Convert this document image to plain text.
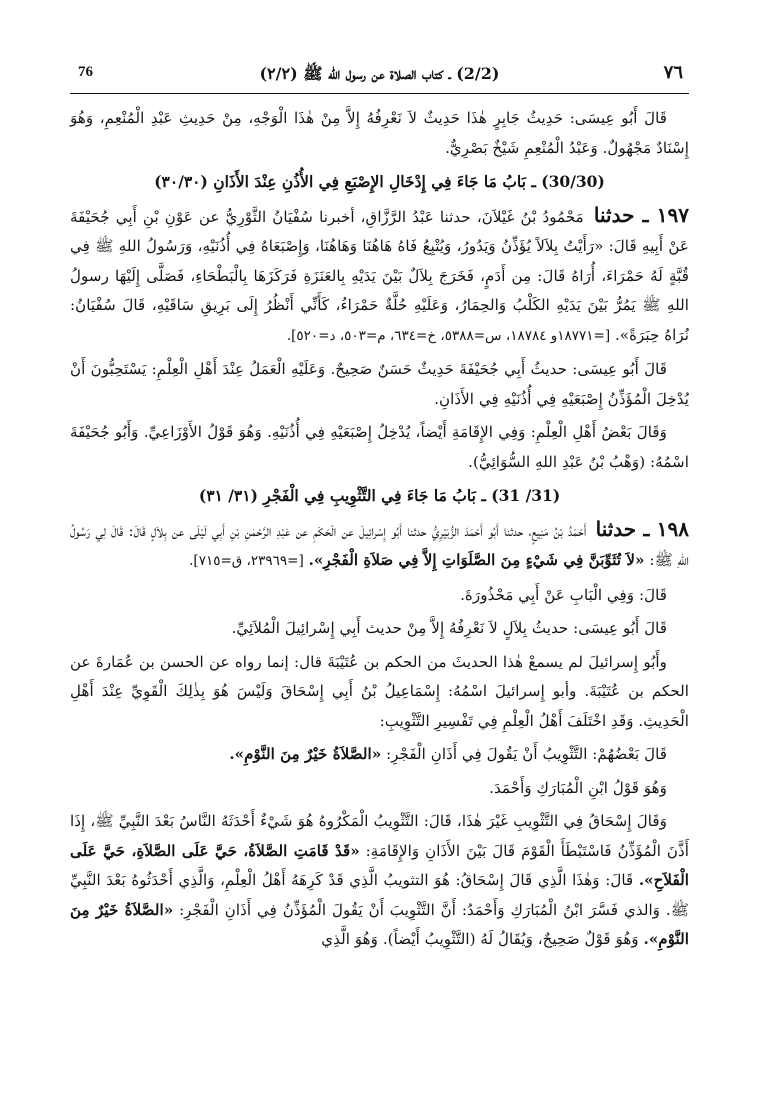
76	(2/2) ـ كتاب الصلاة عن رسول الله ﷺ (٢/٢)	٧٦

قَالَ أَبُو عِيسَى: حَدِيثُ جَابِرٍ هٰذَا حَدِيثٌ لاَ نَعْرِفُهُ إِلاَّ مِنْ هٰذَا الْوَجْهِ، مِنْ حَدِيثِ عَبْدِ الْمُنْعِمِ، وَهُوَ إِسْنَادٌ مَجْهُولٌ. وَعَبْدُ الْمُنْعِمِ شَيْخٌ بَصْرِيٌّ.

(30/30) ـ بَابُ مَا جَاءَ فِي إِدْخَالِ الإِصْبَعِ فِي الأُذُنِ عِنْدَ الأَذَانِ (٣٠/٣٠)

١٩٧ ـ حدثنا مَحْمُودُ بْنُ غَيْلاَنَ، حدثنا عَبْدُ الرَّزَّاقِ، أخبرنا سُفْيَانُ الثَّوْرِيُّ عن عَوْنِ بْنِ أَبِي جُحَيْفَةَ عَنْ أَبِيهِ قَالَ: «رَأَيْتُ بِلاَلاً يُؤَذِّنُ وَيَدُورُ، وَيُتْبِعُ فَاهُ هَاهُنَا وَهَاهُنَا، وَإِصْبَعَاهُ فِي أُذُنَيْهِ، وَرَسُولُ اللهِ ﷺ فِي قُبَّةٍ لَهُ حَمْرَاءَ، أُرَاهُ قَالَ: مِن أَدَمٍ، فَخَرَجَ بِلاَلٌ بَيْنَ يَدَيْهِ بِالعَنَزَةِ فَرَكَزَهَا بِالْبَطْحَاءِ، فَصَلَّى إِلَيْهَا رسولُ اللهِ ﷺ يَمُرُّ بَيْنَ يَدَيْهِ الكَلْبُ وَالحِمَارُ، وَعَلَيْهِ حُلَّةٌ حَمْرَاءُ، كَأَنِّي أَنْظُرُ إِلَى بَرِيقِ سَاقَيْهِ، قَالَ سُفْيَانُ: نُرَاهُ حِبَرَةً». [=١٨٧٧١و ١٨٧٨٤، س=٥٣٨٨، خ=٦٣٤، م=٥٠٣، د=٥٢٠].

قَالَ أَبُو عِيسَى: حديثُ أَبِي جُحَيْفَةَ حَدِيثٌ حَسَنٌ صَحِيحٌ. وَعَلَيْهِ الْعَمَلُ عِنْدَ أَهْلِ الْعِلْمِ: يَسْتَحِبُّونَ أَنْ يُدْخِلَ الْمُؤَذِّنُ إِصْبَعَيْهِ فِي أُذُنَيْهِ فِي الأَذَانِ.

وَقَالَ بَعْضُ أَهْلِ الْعِلْمِ: وَفِي الإِقَامَةِ أَيْضاً، يُدْخِلُ إِصْبَعَيْهِ فِي أُذُنَيْهِ. وَهُوَ قَوْلُ الأَوْزَاعِيِّ. وَأَبُو جُحَيْفَةَ اسْمُهُ: (وَهْبُ بْنُ عَبْدِ اللهِ السُّوَائِيُّ).

(31/ 31) ـ بَابُ مَا جَاءَ فِي التَّثْوِيبِ فِي الْفَجْرِ (٣١/ ٣١)

١٩٨ ـ حدثنا أَحْمَدُ بْنُ مَنِيعٍ، حدثنا أَبُو أَحْمَدَ الزُّبَيْرِيُّ حدثنا أَبُو إِسْرائِيلَ عن الْحَكَمِ عن عَبْدِ الرَّحْمٰنِ بْنِ أَبِي لَيْلَى عن بِلاَلٍ قَالَ: قَالَ لِي رَسُولُ اللهِ ﷺ: «لاَ تُثَوِّبَنَّ فِي شَيْءٍ مِنَ الصَّلَوَاتِ إِلاَّ فِي صَلاَةِ الْفَجْرِ». [=٢٣٩٦٩، ق=٧١٥].

قَالَ: وَفِي الْبَابِ عَنْ أَبِي مَحْذُورَةَ.

قَالَ أَبُو عِيسَى: حديثُ بِلاَلٍ لاَ نَعْرِفُهُ إِلاَّ مِنْ حديث أَبِي إِسْرائِيلَ الْمُلاَئِيِّ.

وأَبُو إِسرائيلَ لم يسمعْ هٰذا الحديثَ من الحكم بن عُتَيْبَةَ قال: إنما رواه عن الحسن بن عُمَارةَ عن الحكم بن عُتَيْبَةَ. وأبو إِسرائيلَ اسْمُهُ: إِسْمَاعِيلُ بْنُ أَبِي إِسْحَاقَ وَلَيْسَ هُوَ بِذٰلِكَ الْقَوِيِّ عِنْدَ أَهْلِ الْحَدِيثِ. وَقَدِ اخْتَلَفَ أَهْلُ الْعِلْمِ فِي تَفْسِيرِ التَّثْوِيبِ:

قَالَ بَعْضُهُمْ: التَّثْوِيبُ أَنْ يَقُولَ فِي أَذَانِ الْفَجْرِ: «الصَّلاَةُ خَيْرٌ مِنَ النَّوْمِ».

وَهُوَ قَوْلُ ابْنِ الْمُبَارَكِ وَأَحْمَدَ.

وَقَالَ إِسْحَاقُ فِي التَّثْوِيبِ غَيْرَ هٰذَا، قَالَ: التَّثْوِيبُ الْمَكْرُوهُ هُوَ شَيْءٌ أَحْدَثَهُ النَّاسُ بَعْدَ النَّبِيِّ ﷺ، إِذَا أَذَّنَ الْمُؤَذِّنُ فَاسْتَبْطَأَ الْقَوْمَ قَالَ بَيْنَ الأَذَانِ وَالإِقَامَةِ: «قَدْ قَامَتِ الصَّلاَةُ، حَيَّ عَلَى الصَّلاَةِ، حَيَّ عَلَى الْفَلاَحِ». قَالَ: وَهٰذَا الَّذِي قَالَ إِسْحَاقُ: هُوَ التثويبُ الَّذِي قَدْ كَرِهَهُ أَهْلُ الْعِلْمِ، وَالَّذِي أَحْدَثُوهُ بَعْدَ النَّبِيِّ ﷺ. وَالذي فَسَّرَ ابْنُ الْمُبَارَكِ وَأَحْمَدُ: أَنَّ التَّثْوِيبَ أَنْ يَقُولَ الْمُؤَذِّنُ فِي أَذَانِ الْفَجْرِ: «الصَّلاَةُ خَيْرٌ مِنَ النَّوْمِ». وَهُوَ قَوْلٌ صَحِيحٌ، وَيُقَالُ لَهُ (التَّثْوِيبُ أَيْضاً). وَهُوَ الَّذِي
